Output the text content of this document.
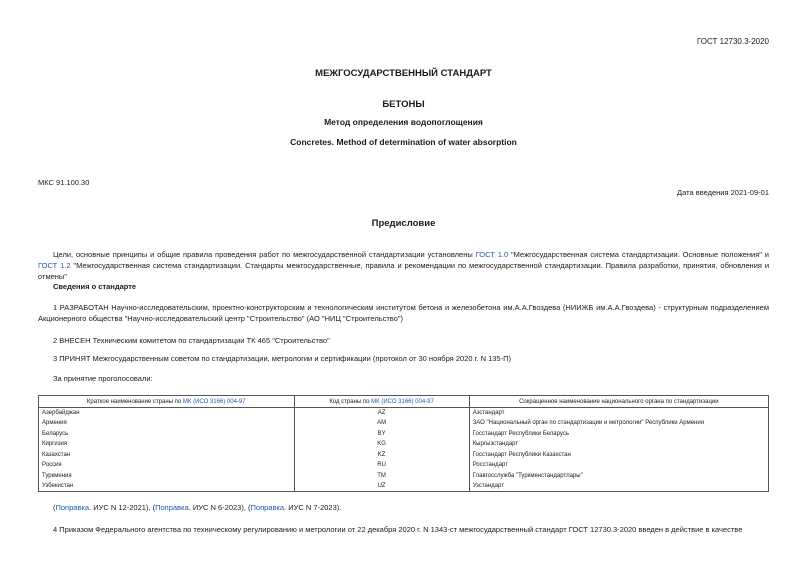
ГОСТ 12730.3-2020
МЕЖГОСУДАРСТВЕННЫЙ СТАНДАРТ
БЕТОНЫ
Метод определения водопоглощения
Concretes. Method of determination of water absorption
МКС 91.100.30
Дата введения 2021-09-01
Предисловие
Цели, основные принципы и общие правила проведения работ по межгосударственной стандартизации установлены ГОСТ 1.0 "Межгосударственная система стандартизации. Основные положения" и ГОСТ 1.2 "Межгосударственная система стандартизации. Стандарты межгосударственные, правила и рекомендации по межгосударственной стандартизации. Правила разработки, принятия, обновления и отмены"
Сведения о стандарте
1 РАЗРАБОТАН Научно-исследовательским, проектно-конструкторским и технологическим институтом бетона и железобетона им.А.А.Гвоздева (НИИЖБ им.А.А.Гвоздева) - структурным подразделением Акционерного общества "Научно-исследовательский центр "Строительство" (АО "НИЦ "Строительство")
2 ВНЕСЕН Техническим комитетом по стандартизации ТК 465 "Строительство"
3 ПРИНЯТ Межгосударственным советом по стандартизации, метрологии и сертификации (протокол от 30 ноября 2020 г. N 135-П)
За принятие проголосовали:
Краткое наименование страны по МК (ИСО 3166) 004-97	Код страны по МК (ИСО 3166) 004-97	Сокращенное наименование национального органа по стандартизации
Азербайджан	AZ	Азстандарт
Армения	AM	ЗАО "Национальный орган по стандартизации и метрологии" Республики Армения
Беларусь	BY	Госстандарт Республики Беларусь
Киргизия	KG	Кыргызстандарт
Казахстан	KZ	Госстандарт Республики Казахстан
Россия	RU	Росстандарт
Туркмения	TM	Главгосслужба "Туркменстандартлары"
Узбекистан	UZ	Узстандарт
(Поправка. ИУС N 12-2021), (Поправка. ИУС N 6-2023), (Поправка. ИУС N 7-2023).
4 Приказом Федерального агентства по техническому регулированию и метрологии от 22 декабря 2020 г. N 1343-ст межгосударственный стандарт ГОСТ 12730.3-2020 введен в действие в качестве
